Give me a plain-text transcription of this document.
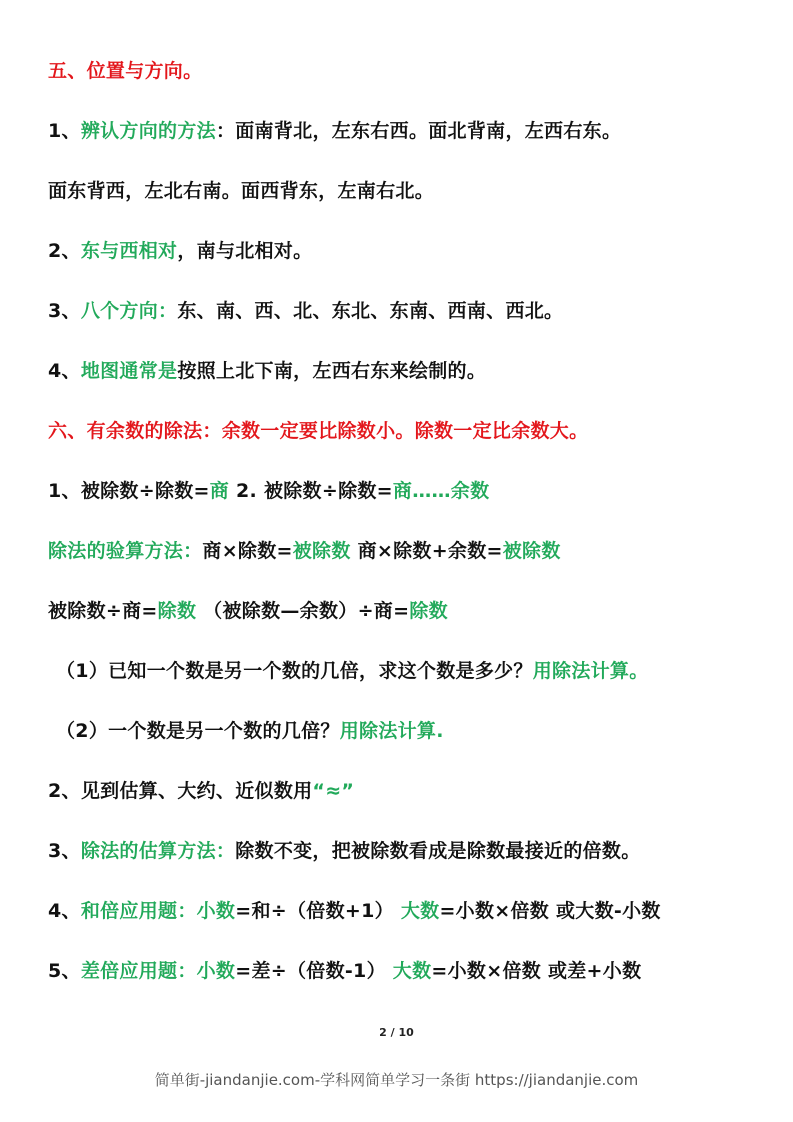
五、位置与方向。
1、辨认方向的方法：面南背北，左东右西。面北背南，左西右东。
面东背西，左北右南。面西背东，左南右北。
2、东与西相对，南与北相对。
3、八个方向：东、南、西、北、东北、东南、西南、西北。
4、地图通常是按照上北下南，左西右东来绘制的。
六、有余数的除法：余数一定要比除数小。除数一定比余数大。
1、被除数÷除数=商 2. 被除数÷除数=商……余数
除法的验算方法：商×除数=被除数 商×除数+余数=被除数
被除数÷商=除数 （被除数—余数）÷商=除数
（1）已知一个数是另一个数的几倍，求这个数是多少？用除法计算。
（2）一个数是另一个数的几倍？用除法计算.
2、见到估算、大约、近似数用“≈”
3、除法的估算方法：除数不变，把被除数看成是除数最接近的倍数。
4、和倍应用题：小数=和÷（倍数+1） 大数=小数×倍数 或大数-小数
5、差倍应用题：小数=差÷（倍数-1） 大数=小数×倍数 或差+小数
2 / 10
简单街-jiandanjie.com-学科网简单学习一条街 https://jiandanjie.com
